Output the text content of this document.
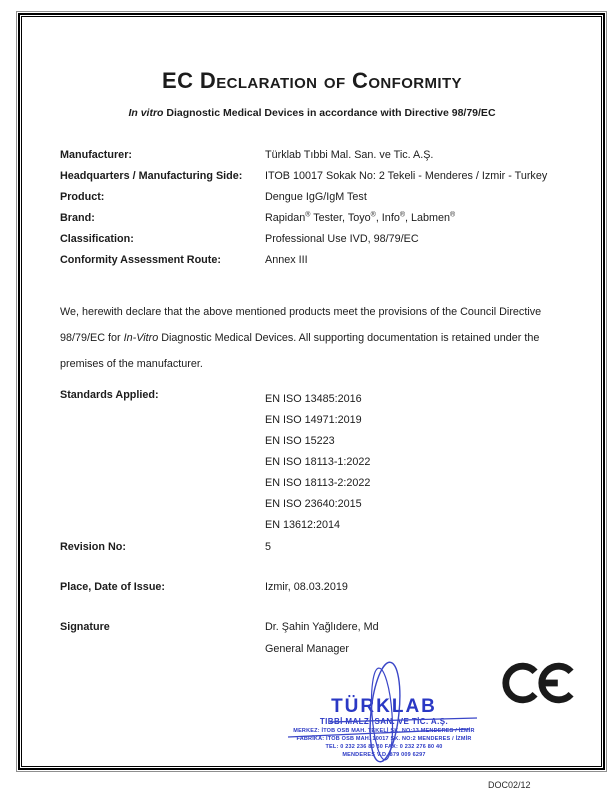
EC Declaration of Conformity
In vitro Diagnostic Medical Devices in accordance with Directive 98/79/EC
Manufacturer:	Türklab Tıbbi Mal. San. ve Tic. A.Ş.
Headquarters / Manufacturing Side:	ITOB 10017 Sokak No: 2 Tekeli - Menderes / Izmir - Turkey
Product:	Dengue IgG/IgM Test
Brand:	Rapidan® Tester, Toyo®, Info®, Labmen®
Classification:	Professional Use IVD, 98/79/EC
Conformity Assessment Route:	Annex III
We, herewith declare that the above mentioned products meet the provisions of the Council Directive
98/79/EC for In-Vitro Diagnostic Medical Devices. All supporting documentation is retained under the
premises of the manufacturer.
Standards Applied:	EN ISO 13485:2016
EN ISO 14971:2019
EN ISO 15223
EN ISO 18113-1:2022
EN ISO 18113-2:2022
EN ISO 23640:2015
EN 13612:2014
Revision No:	5
Place, Date of Issue:	Izmir, 08.03.2019
Signature	Dr. Şahin Yağlıdere, Md
General Manager
TÜRKLAB
TIBBİ MALZ. SAN. VE TİC. A.Ş.
MERKEZ: İTOB OSB MAH. TEKELİ SK. NO:13 MENDERES / İZMİR
FABRİKA: İTOB OSB MAH. 10017 SK. NO:2 MENDERES / İZMİR
TEL: 0 232 236 80 80 FAX: 0 232 276 80 40
MENDERES V.D. 879 009 6297
DOC02/12
